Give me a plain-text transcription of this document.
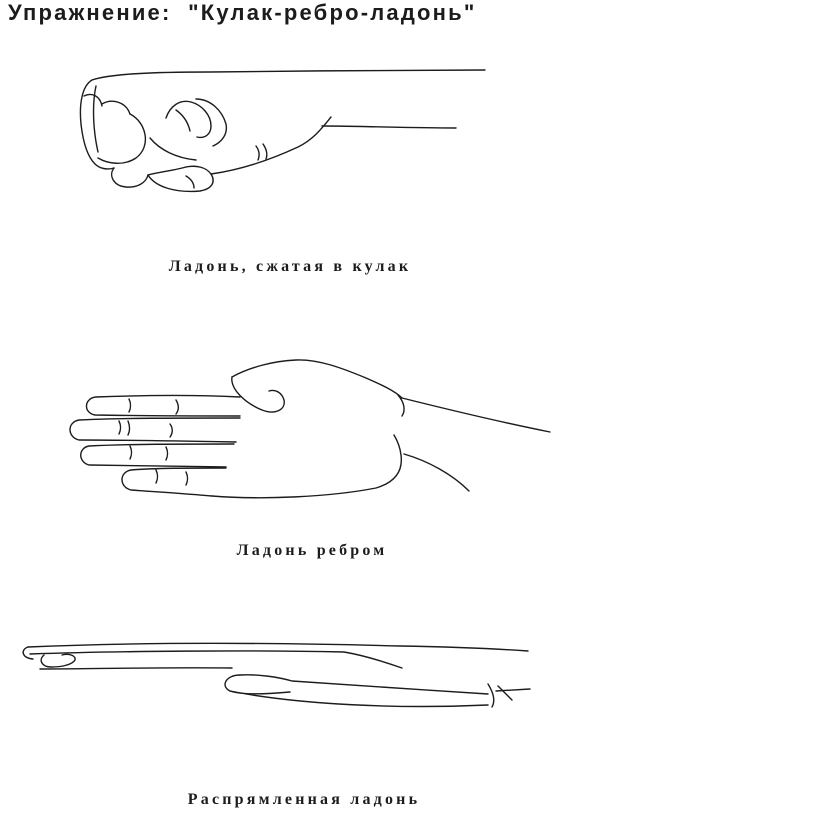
Упражнение:  "Кулак-ребро-ладонь"
Ладонь, сжатая в кулак
Ладонь ребром
Распрямленная ладонь
